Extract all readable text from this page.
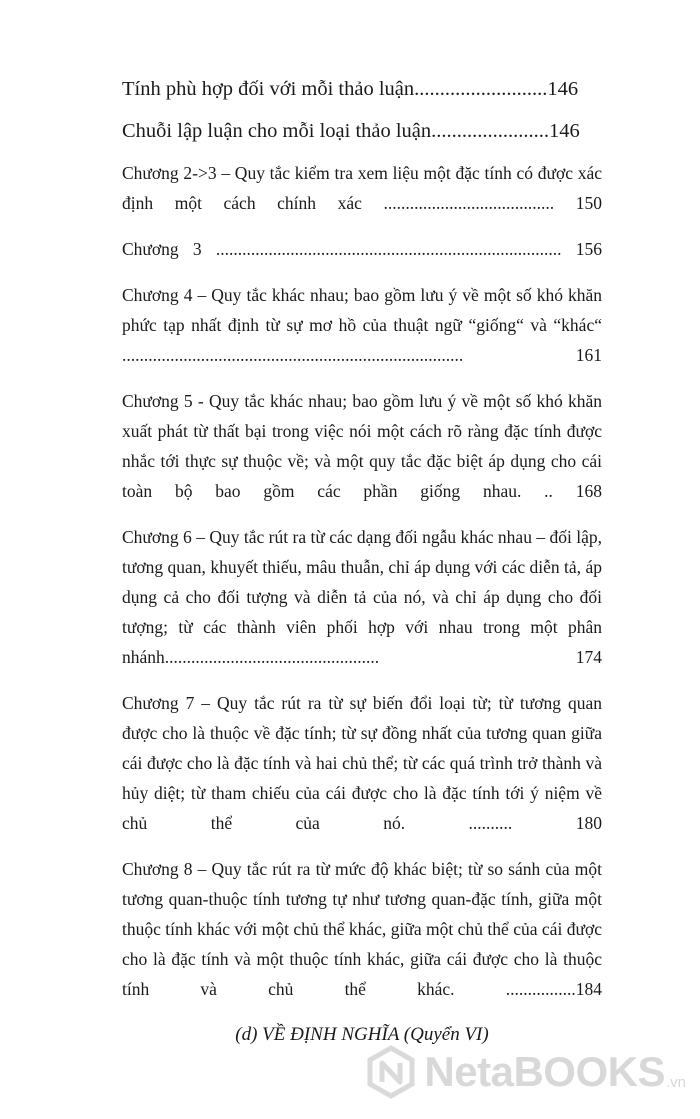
Tính phù hợp đối với mỗi thảo luận..........................146
Chuỗi lập luận cho mỗi loại thảo luận.......................146
Chương 2->3 – Quy tắc kiểm tra xem liệu một đặc tính có được xác định một cách chính xác ....................................... 150
Chương 3 ............................................................................... 156
Chương 4 – Quy tắc khác nhau; bao gồm lưu ý về một số khó khăn phức tạp nhất định từ sự mơ hồ của thuật ngữ “giống“ và “khác“ .............................................................................. 161
Chương 5 - Quy tắc khác nhau; bao gồm lưu ý về một số khó khăn xuất phát từ thất bại trong việc nói một cách rõ ràng đặc tính được nhắc tới thực sự thuộc về; và một quy tắc đặc biệt áp dụng cho cái toàn bộ bao gồm các phần giống nhau. .. 168
Chương 6 – Quy tắc rút ra từ các dạng đối ngẫu khác nhau – đối lập, tương quan, khuyết thiếu, mâu thuẫn, chỉ áp dụng với các diễn tả, áp dụng cả cho đối tượng và diễn tả của nó, và chỉ áp dụng cho đối tượng; từ các thành viên phối hợp với nhau trong một phân nhánh................................................. 174
Chương 7 – Quy tắc rút ra từ sự biến đổi loại từ; từ tương quan được cho là thuộc về đặc tính; từ sự đồng nhất của tương quan giữa cái được cho là đặc tính và hai chủ thể; từ các quá trình trở thành và hủy diệt; từ tham chiếu của cái được cho là đặc tính tới ý niệm về chủ thể của nó. .......... 180
Chương 8 – Quy tắc rút ra từ mức độ khác biệt; từ so sánh của một tương quan-thuộc tính tương tự như tương quan-đặc tính, giữa một thuộc tính khác với một chủ thể khác, giữa một chủ thể của cái được cho là đặc tính và một thuộc tính khác, giữa cái được cho là thuộc tính và chủ thể khác. ................184
(d) VỀ ĐỊNH NGHĨA (Quyển VI)
NetaBOOKS .vn
